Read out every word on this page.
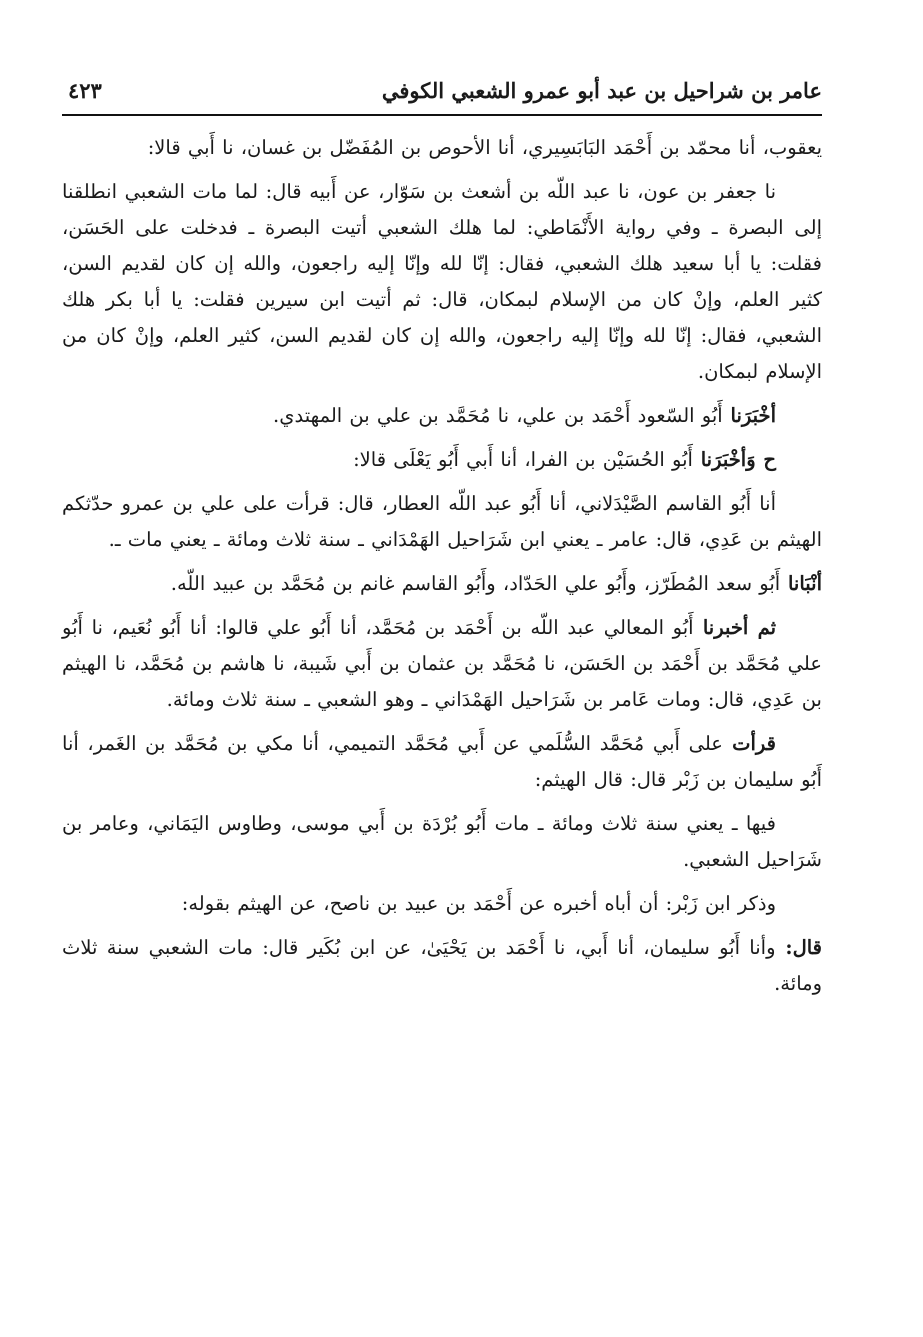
عامر بن شراحيل بن عبد أبو عمرو الشعبي الكوفي
٤٢٣

يعقوب، أنا محمّد بن أَحْمَد البَابَسِيري، أنا الأحوص بن المُفَضّل بن غسان، نا أَبي قالا:

نا جعفر بن عون، نا عبد اللّه بن أشعث بن سَوّار، عن أَبيه قال: لما مات الشعبي انطلقنا إلى البصرة ـ وفي رواية الأَنْمَاطي: لما هلك الشعبي أتيت البصرة ـ فدخلت على الحَسَن، فقلت: يا أبا سعيد هلك الشعبي، فقال: إنّا لله وإنّا إليه راجعون، والله إن كان لقديم السن، كثير العلم، وإنْ كان من الإسلام لبمكان، قال: ثم أتيت ابن سيرين فقلت: يا أبا بكر هلك الشعبي، فقال: إنّا لله وإنّا إليه راجعون، والله إن كان لقديم السن، كثير العلم، وإنْ كان من الإسلام لبمكان.

أخْبَرَنا أَبُو السّعود أَحْمَد بن علي، نا مُحَمَّد بن علي بن المهتدي.

ح وَأخْبَرَنا أَبُو الحُسَيْن بن الفرا، أنا أَبي أَبُو يَعْلَى قالا:

أنا أَبُو القاسم الصَّيْدَلاني، أنا أَبُو عبد اللّه العطار، قال: قرأت على علي بن عمرو حدّثكم الهيثم بن عَدِي، قال: عامر ـ يعني ابن شَرَاحيل الهَمْدَاني ـ سنة ثلاث ومائة ـ يعني مات ـ.

أنْبَانا أَبُو سعد المُطَرّز، وأَبُو علي الحَدّاد، وأَبُو القاسم غانم بن مُحَمَّد بن عبيد اللّه.

ثم أخبرنا أَبُو المعالي عبد اللّه بن أَحْمَد بن مُحَمَّد، أنا أَبُو علي قالوا: أنا أَبُو نُعَيم، نا أَبُو علي مُحَمَّد بن أَحْمَد بن الحَسَن، نا مُحَمَّد بن عثمان بن أَبي شَيبة، نا هاشم بن مُحَمَّد، نا الهيثم بن عَدِي، قال: ومات عَامر بن شَرَاحيل الهَمْدَاني ـ وهو الشعبي ـ سنة ثلاث ومائة.

قرأت على أَبي مُحَمَّد السُّلَمي عن أَبي مُحَمَّد التميمي، أنا مكي بن مُحَمَّد بن الغَمر، أنا أَبُو سليمان بن زَبْر قال: قال الهيثم:

فيها ـ يعني سنة ثلاث ومائة ـ مات أَبُو بُرْدَة بن أَبي موسى، وطاوس اليَمَاني، وعامر بن شَرَاحيل الشعبي.

وذكر ابن زَبْر: أن أباه أخبره عن أَحْمَد بن عبيد بن ناصح، عن الهيثم بقوله:

قال: وأنا أَبُو سليمان، أنا أَبي، نا أَحْمَد بن يَحْيَىٰ، عن ابن بُكَير قال: مات الشعبي سنة ثلاث ومائة.
